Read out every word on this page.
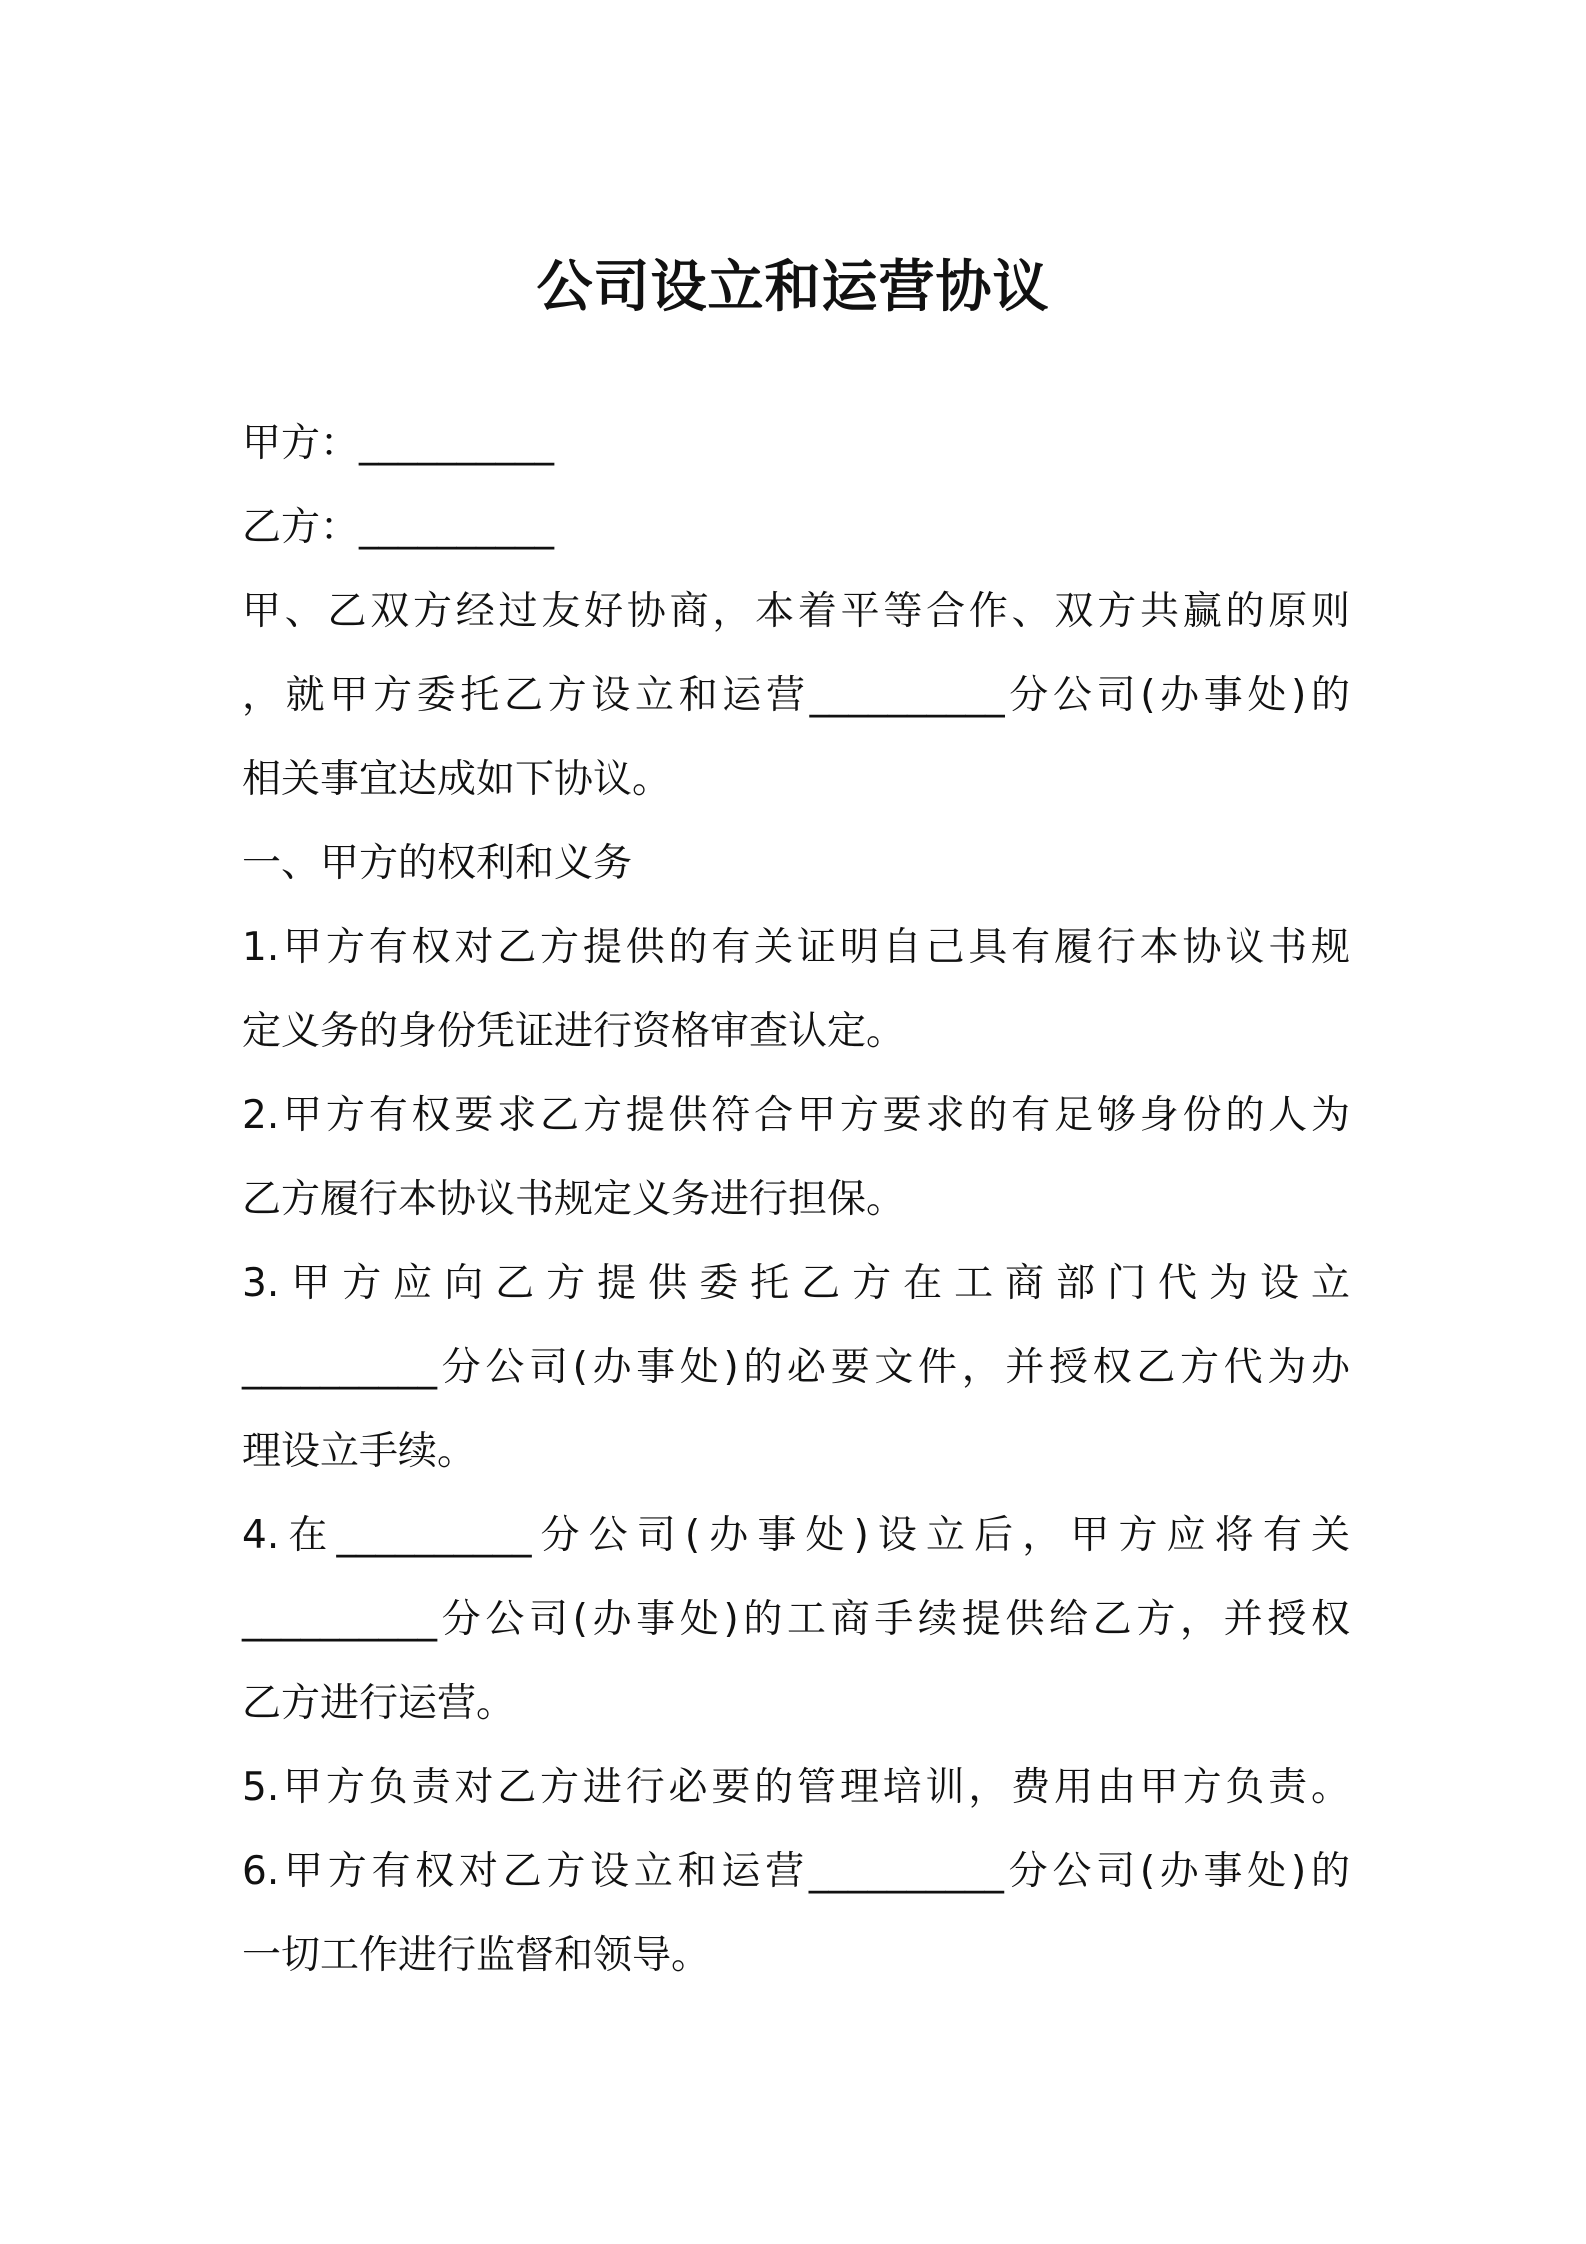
公司设立和运营协议
甲方：__________
乙方：__________
甲、乙双方经过友好协商，本着平等合作、双方共赢的原则
，就甲方委托乙方设立和运营__________分公司(办事处)的
相关事宜达成如下协议。
一、甲方的权利和义务
1.甲方有权对乙方提供的有关证明自己具有履行本协议书规
定义务的身份凭证进行资格审查认定。
2.甲方有权要求乙方提供符合甲方要求的有足够身份的人为
乙方履行本协议书规定义务进行担保。
3.甲方应向乙方提供委托乙方在工商部门代为设立
__________分公司(办事处)的必要文件，并授权乙方代为办
理设立手续。
4.在__________分公司(办事处)设立后，甲方应将有关
__________分公司(办事处)的工商手续提供给乙方，并授权
乙方进行运营。
5.甲方负责对乙方进行必要的管理培训，费用由甲方负责。
6.甲方有权对乙方设立和运营__________分公司(办事处)的
一切工作进行监督和领导。
